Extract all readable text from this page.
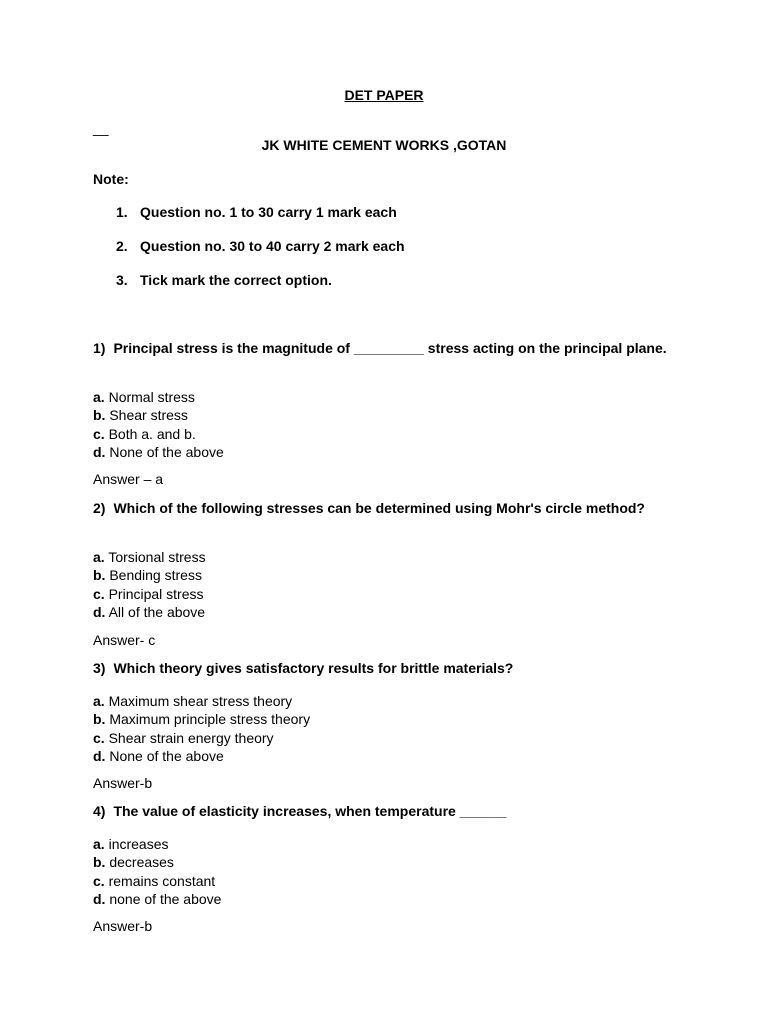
DET PAPER
__
JK WHITE CEMENT WORKS ,GOTAN
Note:
1. Question no. 1 to 30 carry 1 mark each
2. Question no. 30 to 40 carry 2 mark each
3. Tick mark the correct option.
1) Principal stress is the magnitude of _________ stress acting on the principal plane.
a. Normal stress
b. Shear stress
c. Both a. and b.
d. None of the above
Answer – a
2) Which of the following stresses can be determined using Mohr's circle method?
a. Torsional stress
b. Bending stress
c. Principal stress
d. All of the above
Answer- c
3) Which theory gives satisfactory results for brittle materials?
a. Maximum shear stress theory
b. Maximum principle stress theory
c. Shear strain energy theory
d. None of the above
Answer-b
4) The value of elasticity increases, when temperature ______
a. increases
b. decreases
c. remains constant
d. none of the above
Answer-b
